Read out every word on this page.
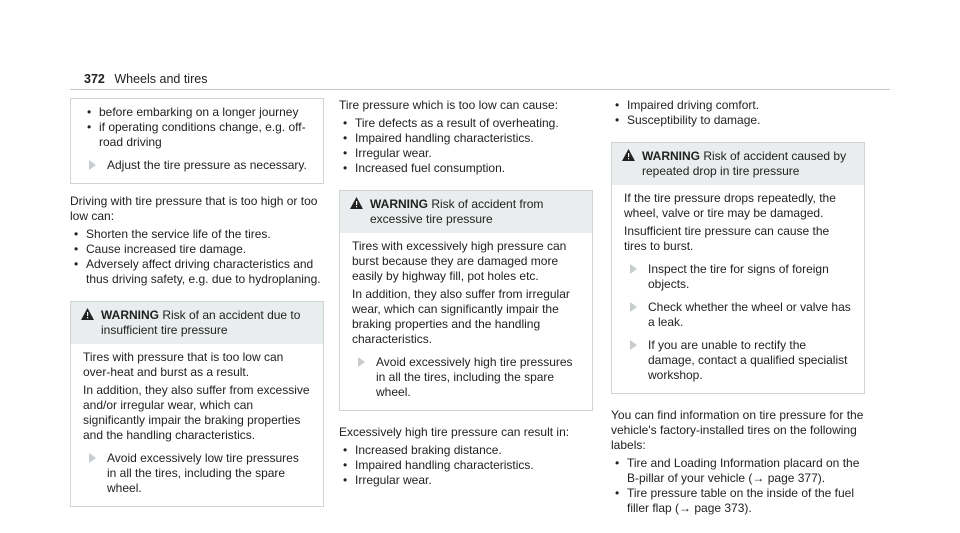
372 Wheels and tires
• before embarking on a longer journey
• if operating conditions change, e.g. off-road driving
Adjust the tire pressure as necessary.

Driving with tire pressure that is too high or too low can:

• Shorten the service life of the tires.
• Cause increased tire damage.
• Adversely affect driving characteristics and thus driving safety, e.g. due to hydroplaning.
WARNING Risk of an accident due to insufficient tire pressure

Tires with pressure that is too low can over-heat and burst as a result.

In addition, they also suffer from excessive and/or irregular wear, which can significantly impair the braking properties and the handling characteristics.

Avoid excessively low tire pressures in all the tires, including the spare wheel.

Tire pressure which is too low can cause:

• Tire defects as a result of overheating.
• Impaired handling characteristics.
• Irregular wear.
• Increased fuel consumption.
WARNING Risk of accident from excessive tire pressure

Tires with excessively high pressure can burst because they are damaged more easily by highway fill, pot holes etc.

In addition, they also suffer from irregular wear, which can significantly impair the braking properties and the handling characteristics.

Avoid excessively high tire pressures in all the tires, including the spare wheel.

Excessively high tire pressure can result in:

• Increased braking distance.
• Impaired handling characteristics.
• Irregular wear.
• Impaired driving comfort.
• Susceptibility to damage.
WARNING Risk of accident caused by repeated drop in tire pressure

If the tire pressure drops repeatedly, the wheel, valve or tire may be damaged.

Insufficient tire pressure can cause the tires to burst.

Inspect the tire for signs of foreign objects.
Check whether the wheel or valve has a leak.
If you are unable to rectify the damage, contact a qualified specialist workshop.

You can find information on tire pressure for the vehicle's factory-installed tires on the following labels:

• Tire and Loading Information placard on the B-pillar of your vehicle (→ page 377).
• Tire pressure table on the inside of the fuel filler flap (→ page 373).
